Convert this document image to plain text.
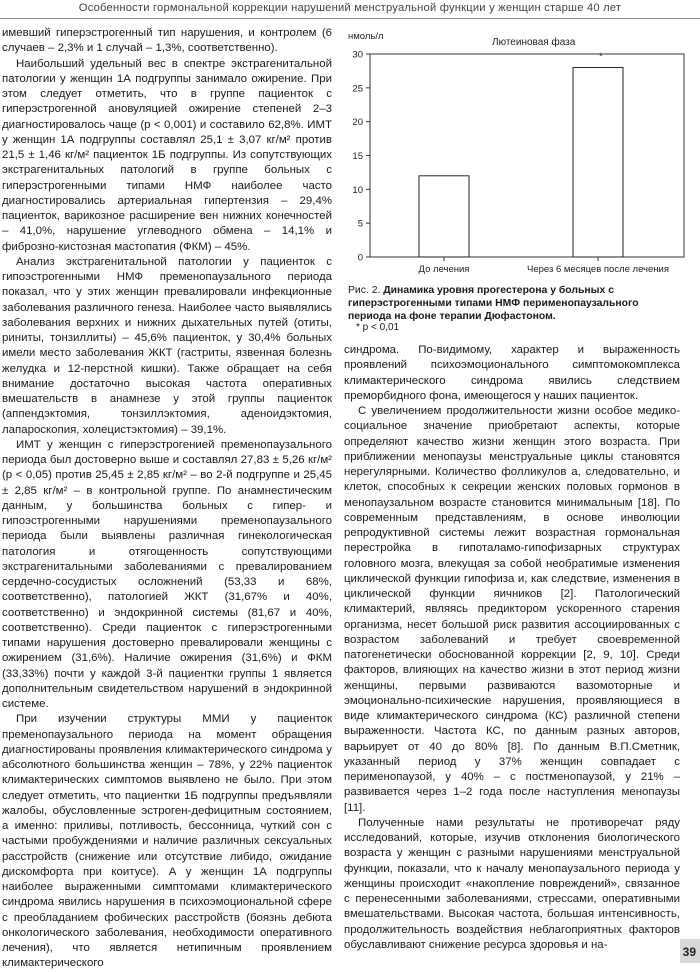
Особенности гормональной коррекции нарушений менструальной функции у женщин старше 40 лет

имевший гиперэстрогенный тип нарушения, и контролем (6 случаев – 2,3% и 1 случай – 1,3%, соответственно).

Наибольший удельный вес в спектре экстрагенитальной патологии у женщин 1А подгруппы занимало ожирение. При этом следует отметить, что в группе пациенток с гиперэстрогенной ановуляцией ожирение степеней 2–3 диагностировалось чаще (p < 0,001) и составило 62,8%. ИМТ у женщин 1А подгруппы составлял 25,1 ± 3,07 кг/м² против 21,5 ± 1,46 кг/м² пациенток 1Б подгруппы. Из сопутствующих экстрагенитальных патологий в группе больных с гиперэстрогенными типами НМФ наиболее часто диагностировались артериальная гипертензия – 29,4% пациенток, варикозное расширение вен нижних конечностей – 41,0%, нарушение углеводного обмена – 14,1% и фиброзно-кистозная мастопатия (ФКМ) – 45%.

Анализ экстрагенитальной патологии у пациенток с гипоэстрогенными НМФ пременопаузального периода показал, что у этих женщин превалировали инфекционные заболевания различного генеза. Наиболее часто выявлялись заболевания верхних и нижних дыхательных путей (отиты, риниты, тонзиллиты) – 45,6% пациенток, у 30,4% больных имели место заболевания ЖКТ (гастриты, язвенная болезнь желудка и 12-перстной кишки). Также обращает на себя внимание достаточно высокая частота оперативных вмешательств в анамнезе у этой группы пациенток (аппендэктомия, тонзиллэктомия, аденоидэктомия, лапароскопия, холецистэктомия) – 39,1%.

ИМТ у женщин с гиперэстрогенией пременопаузального периода был достоверно выше и составлял 27,83 ± 5,26 кг/м² (p < 0,05) против 25,45 ± 2,85 кг/м² – во 2-й подгруппе и 25,45 ± 2,85 кг/м² – в контрольной группе. По анамнестическим данным, у большинства больных с гипер- и гипоэстрогенными нарушениями пременопаузального периода были выявлены различная гинекологическая патология и отягощенность сопутствующими экстрагенитальными заболеваниями с превалированием сердечно-сосудистых осложнений (53,33 и 68%, соответственно), патологией ЖКТ (31,67% и 40%, соответственно) и эндокринной системы (81,67 и 40%, соответственно). Среди пациенток с гиперэстрогенными типами нарушения достоверно превалировали женщины с ожирением (31,6%). Наличие ожирения (31,6%) и ФКМ (33,33%) почти у каждой 3-й пациентки группы 1 является дополнительным свидетельством нарушений в эндокринной системе.

При изучении структуры ММИ у пациенток пременопаузального периода на момент обращения диагностированы проявления климактерического синдрома у абсолютного большинства женщин – 78%, у 22% пациенток климактерических симптомов выявлено не было. При этом следует отметить, что пациентки 1Б подгруппы предъявляли жалобы, обусловленные эстроген-дефицитным состоянием, а именно: приливы, потливость, бессонница, чуткий сон с частыми пробуждениями и наличие различных сексуальных расстройств (снижение или отсутствие либидо, ожидание дискомфорта при коитусе). А у женщин 1А подгруппы наиболее выраженными симптомами климактерического синдрома явились нарушения в психоэмоциональной сфере с преобладанием фобических расстройств (боязнь дебюта онкологического заболевания, необходимости оперативного лечения), что является нетипичным проявлением климактерического

нмоль/л
Лютеиновая фаза
0
5
10
15
20
25
30
До лечения	Через 6 месяцев после лечения
*
Рис. 2. Динамика уровня прогестерона у больных с гиперэстрогенными типами НМФ перименопаузального периода на фоне терапии Дюфастоном.
* p < 0,01

синдрома. По-видимому, характер и выраженность проявлений психоэмоционального симптомокомплекса климактерического синдрома явились следствием преморбидного фона, имеющегося у наших пациенток.

С увеличением продолжительности жизни особое медико-социальное значение приобретают аспекты, которые определяют качество жизни женщин этого возраста. При приближении менопаузы менструальные циклы становятся нерегулярными. Количество фолликулов а, следовательно, и клеток, способных к секреции женских половых гормонов в менопаузальном возрасте становится минимальным [18]. По современным представлениям, в основе инволюции репродуктивной системы лежит возрастная гормональная перестройка в гипоталамо-гипофизарных структурах головного мозга, влекущая за собой необратимые изменения циклической функции гипофиза и, как следствие, изменения в циклической функции яичников [2]. Патологический климактерий, являясь предиктором ускоренного старения организма, несет большой риск развития ассоциированных с возрастом заболеваний и требует своевременной патогенетически обоснованной коррекции [2, 9, 10]. Среди факторов, влияющих на качество жизни в этот период жизни женщины, первыми развиваются вазомоторные и эмоционально-психические нарушения, проявляющиеся в виде климактерического синдрома (КС) различной степени выраженности. Частота КС, по данным разных авторов, варьирует от 40 до 80% [8]. По данным В.П.Сметник, указанный период у 37% женщин совпадает с перименопаузой, у 40% – с постменопаузой, у 21% – развивается через 1–2 года после наступления менопаузы [11].

Полученные нами результаты не противоречат ряду исследований, которые, изучив отклонения биологического возраста у женщин с разными нарушениями менструальной функции, показали, что к началу менопаузального периода у женщины происходит «накопление повреждений», связанное с перенесенными заболеваниями, стрессами, оперативными вмешательствами. Высокая частота, большая интенсивность, продолжительность воздействия неблагоприятных факторов обуславливают снижение ресурса здоровья и на-

39
